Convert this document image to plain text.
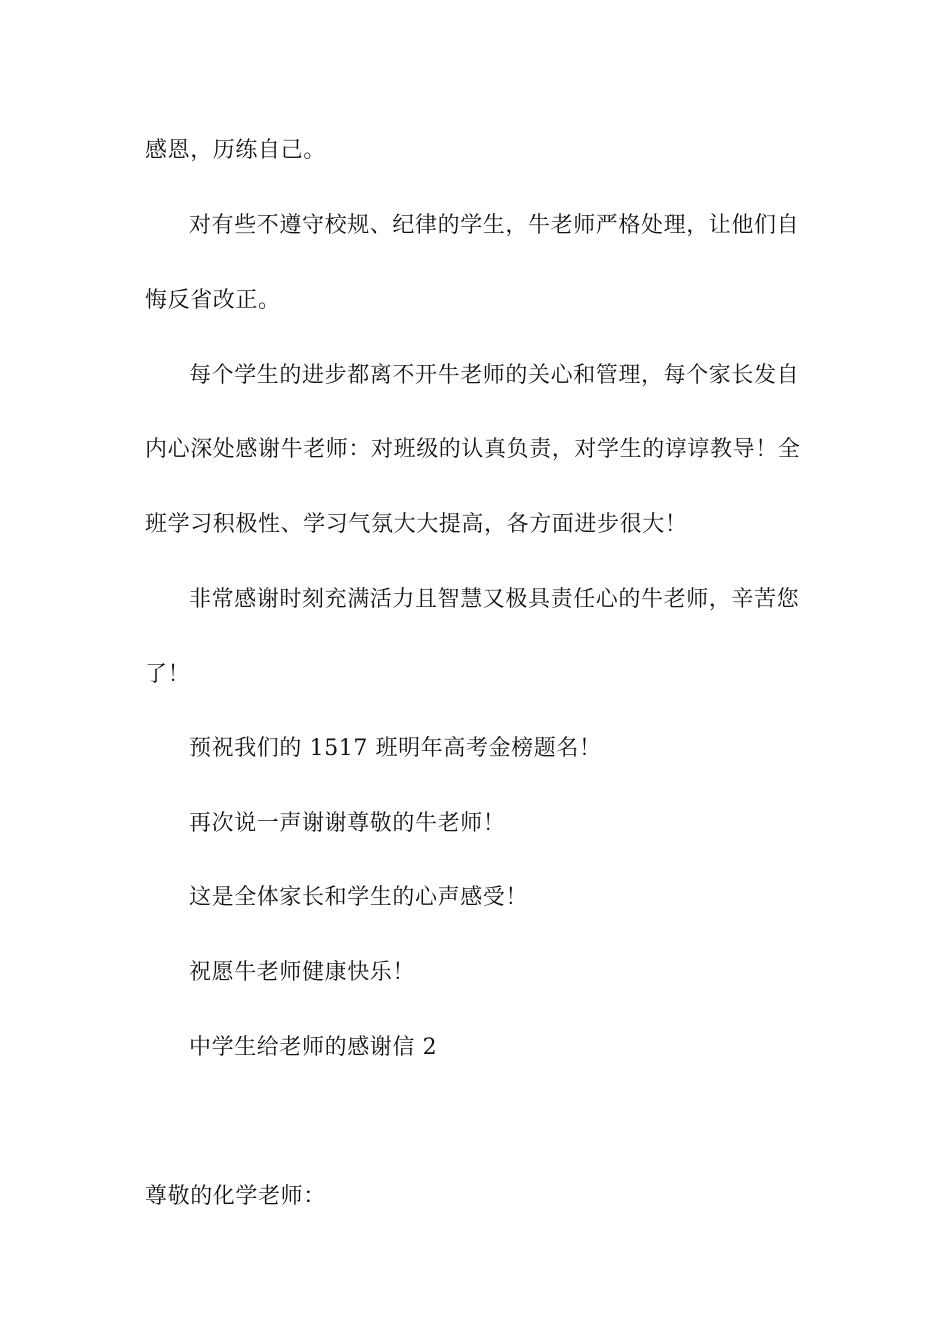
感恩，历练自己。
对有些不遵守校规、纪律的学生，牛老师严格处理，让他们自
悔反省改正。
每个学生的进步都离不开牛老师的关心和管理，每个家长发自
内心深处感谢牛老师：对班级的认真负责，对学生的谆谆教导！全
班学习积极性、学习气氛大大提高，各方面进步很大！
非常感谢时刻充满活力且智慧又极具责任心的牛老师，辛苦您
了！
预祝我们的 1517 班明年高考金榜题名！
再次说一声谢谢尊敬的牛老师！
这是全体家长和学生的心声感受！
祝愿牛老师健康快乐！
中学生给老师的感谢信 2
尊敬的化学老师：
